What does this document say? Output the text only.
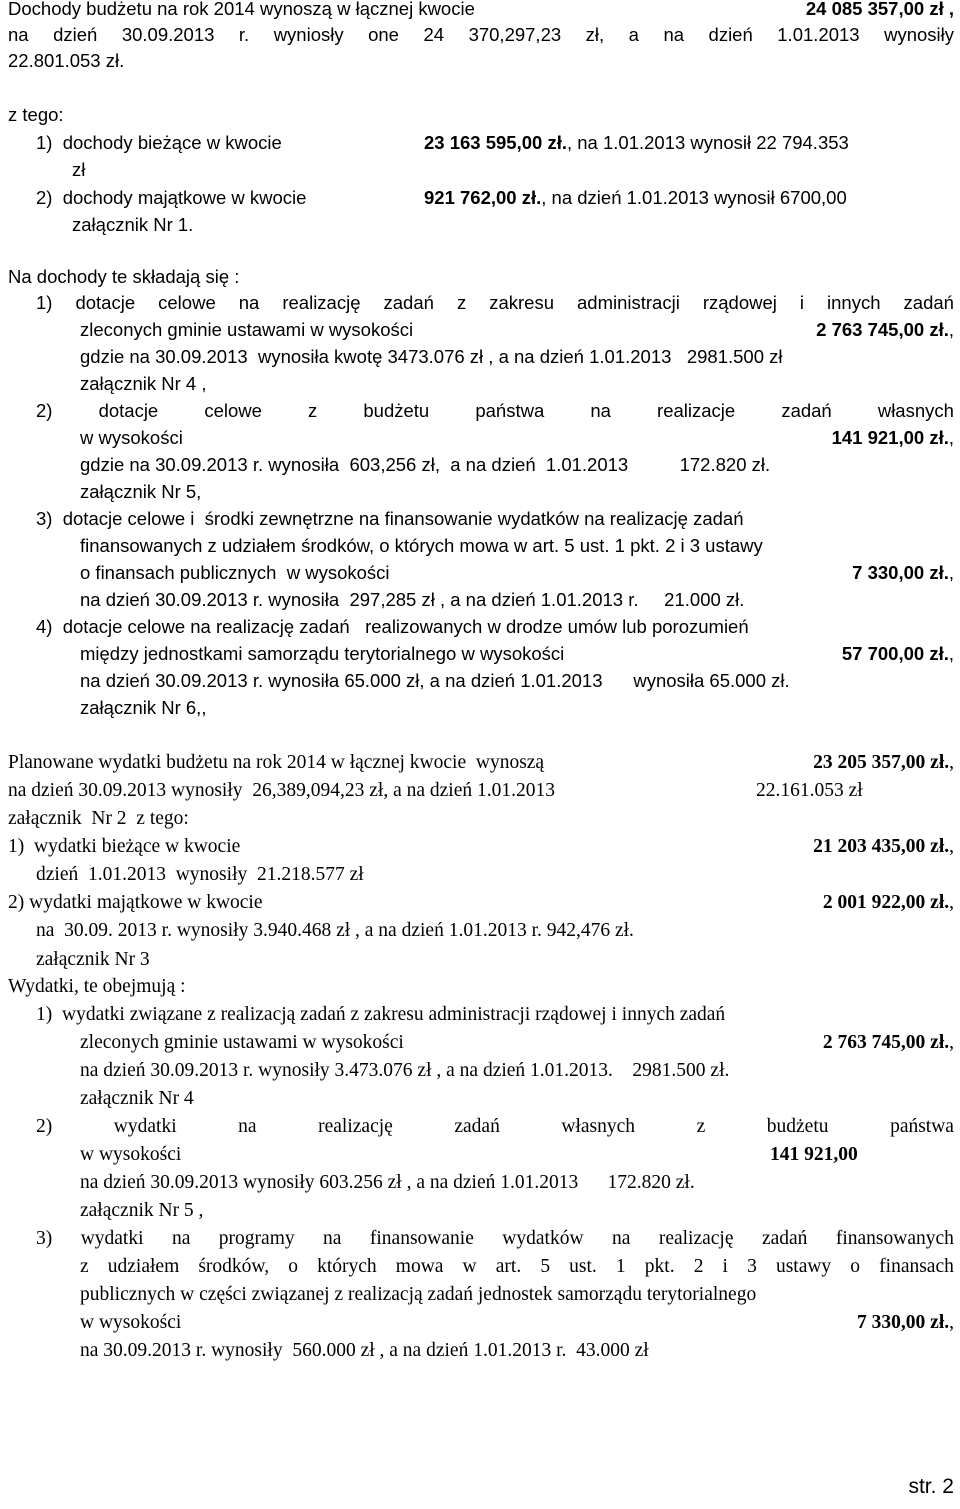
Dochody budżetu na rok 2014 wynoszą w łącznej kwocie	24 085 357,00 zł ,
na dzień 30.09.2013 r. wyniosły one 24 370,297,23 zł, a na dzień 1.01.2013 wynosiły
22.801.053 zł.
z tego:
1)  dochody bieżące w kwocie	23 163 595,00 zł., na 1.01.2013 wynosił 22 794.353
zł
2)  dochody majątkowe w kwocie	921 762,00 zł., na dzień 1.01.2013 wynosił 6700,00
załącznik Nr 1.
Na dochody te składają się :
1) dotacje celowe na realizację zadań z zakresu administracji rządowej i innych zadań
zleconych gminie ustawami w wysokości	2 763 745,00 zł.,
gdzie na 30.09.2013  wynosiła kwotę 3473.076 zł , a na dzień 1.01.2013   2981.500 zł
załącznik Nr 4 ,
2) dotacje celowe z budżetu państwa na realizacje zadań własnych
w wysokości	141 921,00 zł.,
gdzie na 30.09.2013 r. wynosiła  603,256 zł,  a na dzień  1.01.2013          172.820 zł.
załącznik Nr 5,
3)  dotacje celowe i  środki zewnętrzne na finansowanie wydatków na realizację zadań
finansowanych z udziałem środków, o których mowa w art. 5 ust. 1 pkt. 2 i 3 ustawy
o finansach publicznych  w wysokości	7 330,00 zł.,
na dzień 30.09.2013 r. wynosiła  297,285 zł , a na dzień 1.01.2013 r.     21.000 zł.
4)  dotacje celowe na realizację zadań   realizowanych w drodze umów lub porozumień
między jednostkami samorządu terytorialnego w wysokości	57 700,00 zł.,
na dzień 30.09.2013 r. wynosiła 65.000 zł, a na dzień 1.01.2013      wynosiła 65.000 zł.
załącznik Nr 6,,
Planowane wydatki budżetu na rok 2014 w łącznej kwocie  wynoszą	23 205 357,00 zł.,
na dzień 30.09.2013 wynosiły  26,389,094,23 zł, a na dzień 1.01.2013	22.161.053 zł
załącznik  Nr 2  z tego:
1)  wydatki bieżące w kwocie	21 203 435,00 zł.,
dzień  1.01.2013  wynosiły  21.218.577 zł
2) wydatki majątkowe w kwocie	2 001 922,00 zł.,
na  30.09. 2013 r. wynosiły 3.940.468 zł , a na dzień 1.01.2013 r. 942,476 zł.
załącznik Nr 3
Wydatki, te obejmują :
1)  wydatki związane z realizacją zadań z zakresu administracji rządowej i innych zadań
zleconych gminie ustawami w wysokości	2 763 745,00 zł.,
na dzień 30.09.2013 r. wynosiły 3.473.076 zł , a na dzień 1.01.2013.    2981.500 zł.
załącznik Nr 4
2)	wydatki	na	realizację	zadań	własnych	z	budżetu	państwa
w wysokości	141 921,00
na dzień 30.09.2013 wynosiły 603.256 zł , a na dzień 1.01.2013      172.820 zł.
załącznik Nr 5 ,
3) wydatki na programy na finansowanie wydatków na realizację zadań finansowanych
z udziałem środków, o których mowa w art. 5 ust. 1 pkt. 2 i 3 ustawy o finansach
publicznych w części związanej z realizacją zadań jednostek samorządu terytorialnego
w wysokości	7 330,00 zł.,
na 30.09.2013 r. wynosiły  560.000 zł , a na dzień 1.01.2013 r.  43.000 zł
str. 2
